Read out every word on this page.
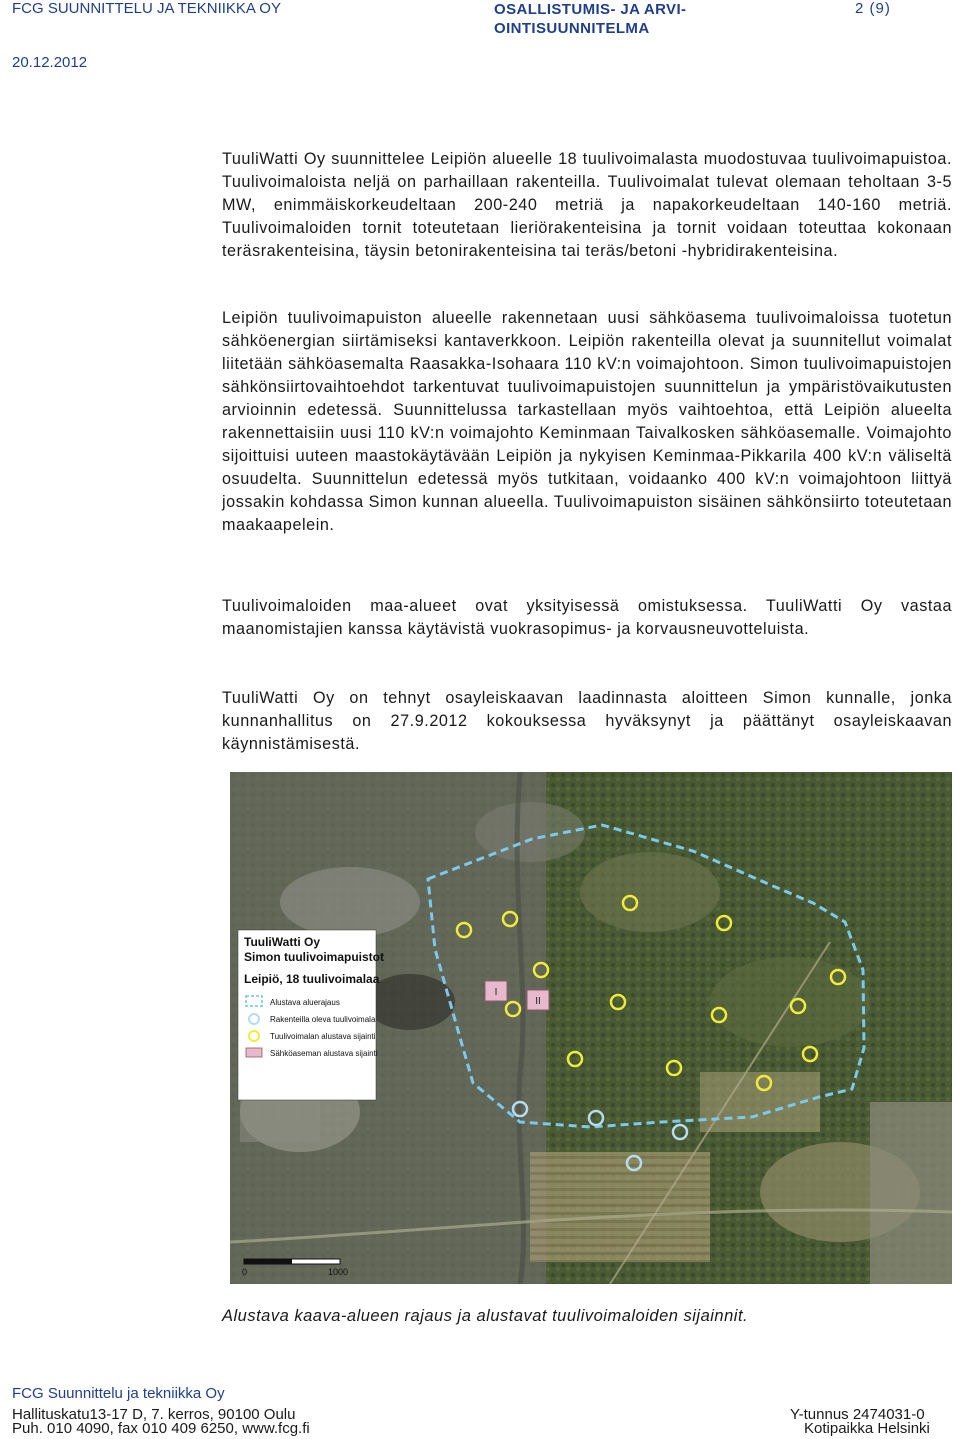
FCG SUUNNITTELU JA TEKNIIKKA OY	OSALLISTUMIS- JA ARVI-OINTISUUNNITELMA
2 (9)
20.12.2012

TuuliWatti Oy suunnittelee Leipiön alueelle 18 tuulivoimalasta muodostuvaa tuulivoimapuistoa. Tuulivoimaloista neljä on parhaillaan rakenteilla. Tuulivoimalat tulevat olemaan teholtaan 3-5 MW, enimmäiskorkeudeltaan 200-240 metriä ja napakorkeudeltaan 140-160 metriä. Tuulivoimaloiden tornit toteutetaan lieriörakenteisina ja tornit voidaan toteuttaa kokonaan teräsrakenteisina, täysin betonirakenteisina tai teräs/betoni -hybridirakenteisina.

Leipiön tuulivoimapuiston alueelle rakennetaan uusi sähköasema tuulivoimaloissa tuotetun sähköenergian siirtämiseksi kantaverkkoon. Leipiön rakenteilla olevat ja suunnitellut voimalat liitetään sähköasemalta Raasakka-Isohaara 110 kV:n voimajohtoon. Simon tuulivoimapuistojen sähkönsiirtovaihtoehdot tarkentuvat tuulivoimapuistojen suunnittelun ja ympäristövaikutusten arvioinnin edetessä. Suunnittelussa tarkastellaan myös vaihtoehtoa, että Leipiön alueelta rakennettaisiin uusi 110 kV:n voimajohto Keminmaan Taivalkosken sähköasemalle. Voimajohto sijoittuisi uuteen maastokäytävään Leipiön ja nykyisen Keminmaa-Pikkarila 400 kV:n väliseltä osuudelta. Suunnittelun edetessä myös tutkitaan, voidaanko 400 kV:n voimajohtoon liittyä jossakin kohdassa Simon kunnan alueella. Tuulivoimapuiston sisäinen sähkönsiirto toteutetaan maakaapelein.

Tuulivoimaloiden maa-alueet ovat yksityisessä omistuksessa. TuuliWatti Oy vastaa maanomistajien kanssa käytävistä vuokrasopimus- ja korvausneuvotteluista.

TuuliWatti Oy on tehnyt osayleiskaavan laadinnasta aloitteen Simon kunnalle, jonka kunnanhallitus on 27.9.2012 kokouksessa hyväksynyt ja päättänyt osayleiskaavan käynnistämisestä.

I
II
TuuliWatti Oy
Simon tuulivoimapuistot
Leipiö, 18 tuulivoimalaa
Alustava aluerajaus
Rakenteilla oleva tuulivoimala
Tuulivoimalan alustava sijainti
Sähköaseman alustava sijainti
0	1000
Alustava kaava-alueen rajaus ja alustavat tuulivoimaloiden sijainnit.
FCG Suunnittelu ja tekniikka Oy
Hallituskatu13-17 D, 7. kerros, 90100 Oulu
Puh. 010 4090, fax 010 409 6250, www.fcg.fi
Y-tunnus 2474031-0
Kotipaikka Helsinki
